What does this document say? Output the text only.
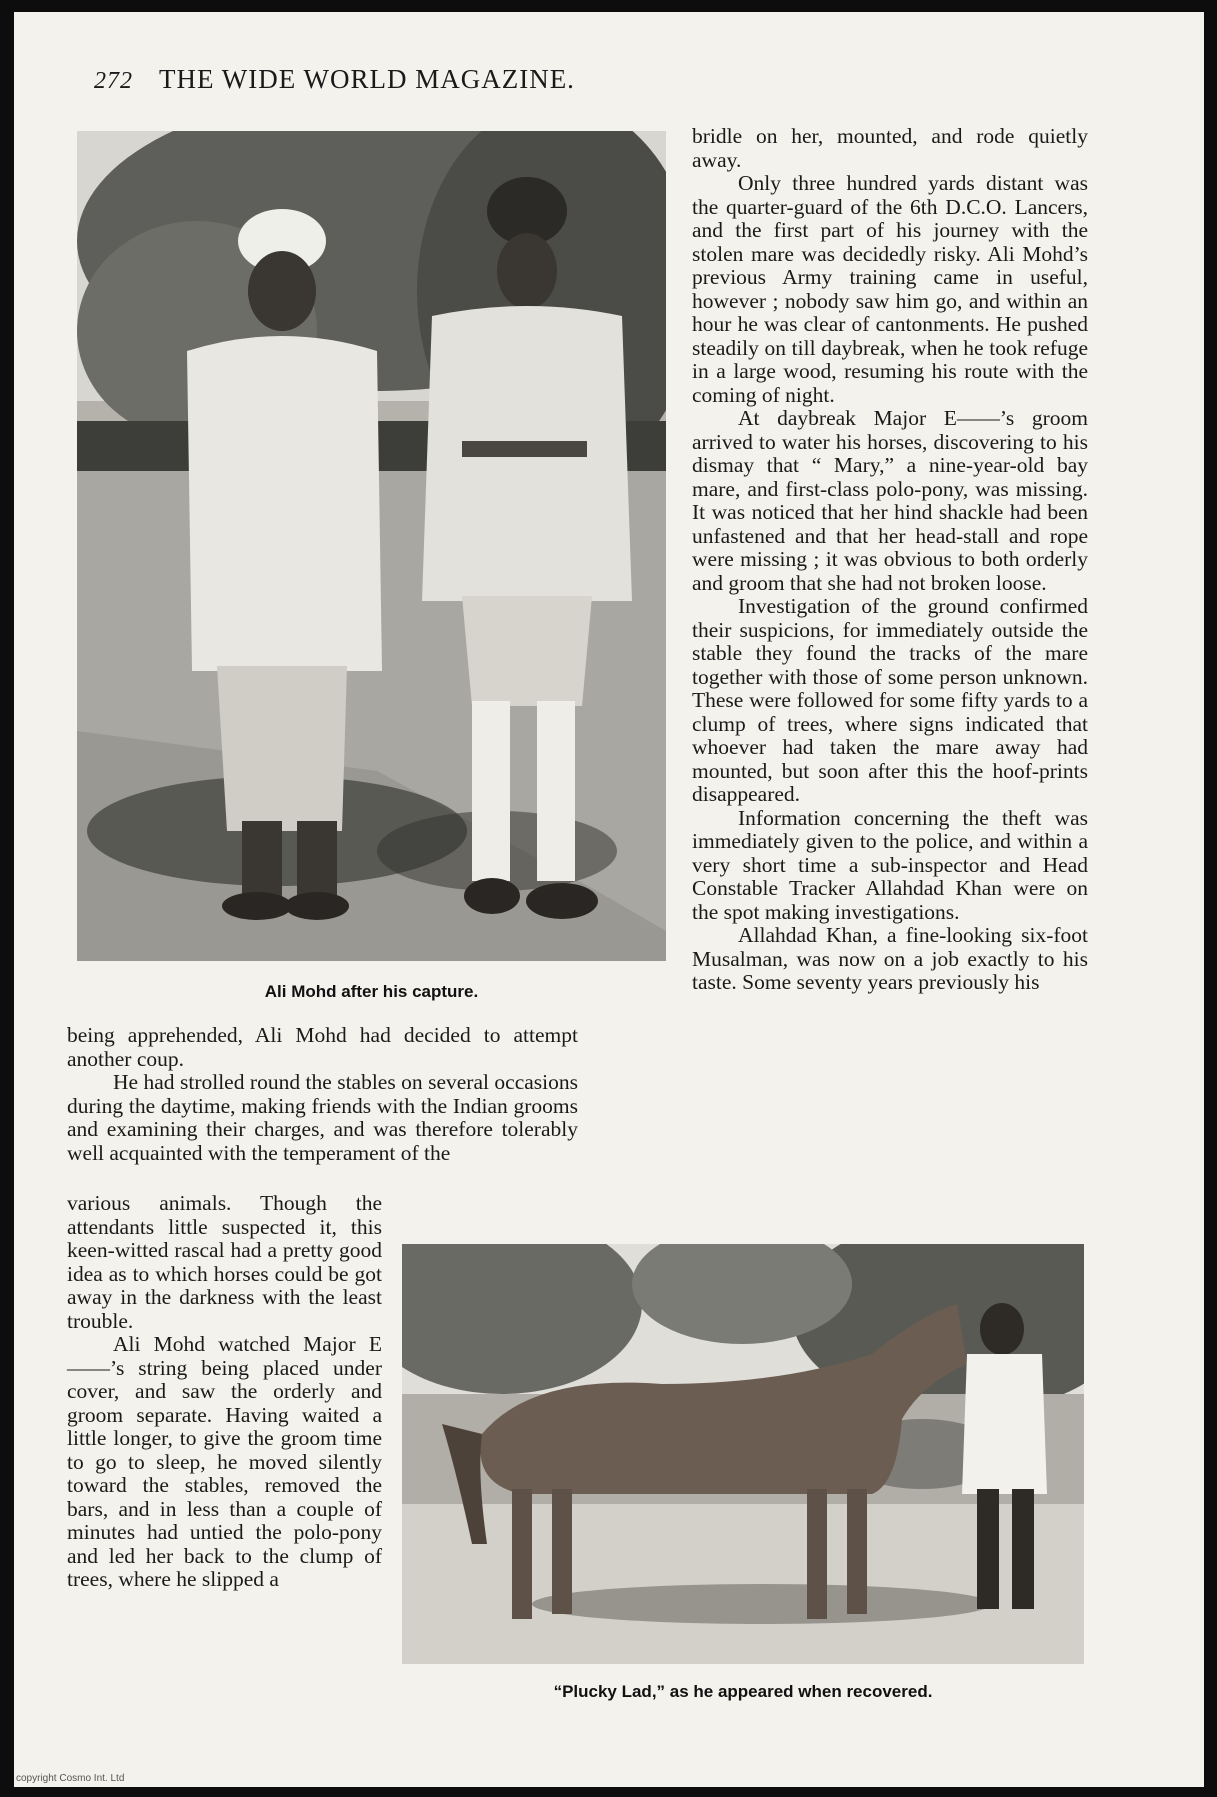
272 THE WIDE WORLD MAGAZINE.
Ali Mohd after his capture.

bridle on her, mounted, and rode quietly away.

Only three hundred yards distant was the quarter-guard of the 6th D.C.O. Lancers, and the first part of his journey with the stolen mare was decidedly risky. Ali Mohd’s previous Army training came in useful, however ; nobody saw him go, and within an hour he was clear of cantonments. He pushed steadily on till daybreak, when he took refuge in a large wood, resuming his route with the coming of night.

At daybreak Major E——’s groom arrived to water his horses, discovering to his dismay that “ Mary,” a nine-year-old bay mare, and first-class polo-pony, was missing. It was noticed that her hind shackle had been unfastened and that her head-stall and rope were missing ; it was obvious to both orderly and groom that she had not broken loose.

Investigation of the ground confirmed their suspicions, for immediately outside the stable they found the tracks of the mare together with those of some person unknown. These were followed for some fifty yards to a clump of trees, where signs indicated that whoever had taken the mare away had mounted, but soon after this the hoof-prints disappeared.

Information concerning the theft was immediately given to the police, and within a very short time a sub-inspector and Head Constable Tracker Allahdad Khan were on the spot making investigations.

Allahdad Khan, a fine-looking six-foot Musalman, was now on a job exactly to his taste. Some seventy years previously his

being apprehended, Ali Mohd had decided to attempt another coup.

He had strolled round the stables on several occasions during the daytime, making friends with the Indian grooms and examining their charges, and was therefore tolerably well acquainted with the temperament of the

various animals. Though the attendants little suspected it, this keen-witted rascal had a pretty good idea as to which horses could be got away in the darkness with the least trouble.

Ali Mohd watched Major E——’s string being placed under cover, and saw the orderly and groom separate. Having waited a little longer, to give the groom time to go to sleep, he moved silently toward the stables, removed the bars, and in less than a couple of minutes had untied the polo-pony and led her back to the clump of trees, where he slipped a

“Plucky Lad,” as he appeared when recovered.
copyright Cosmo Int. Ltd
